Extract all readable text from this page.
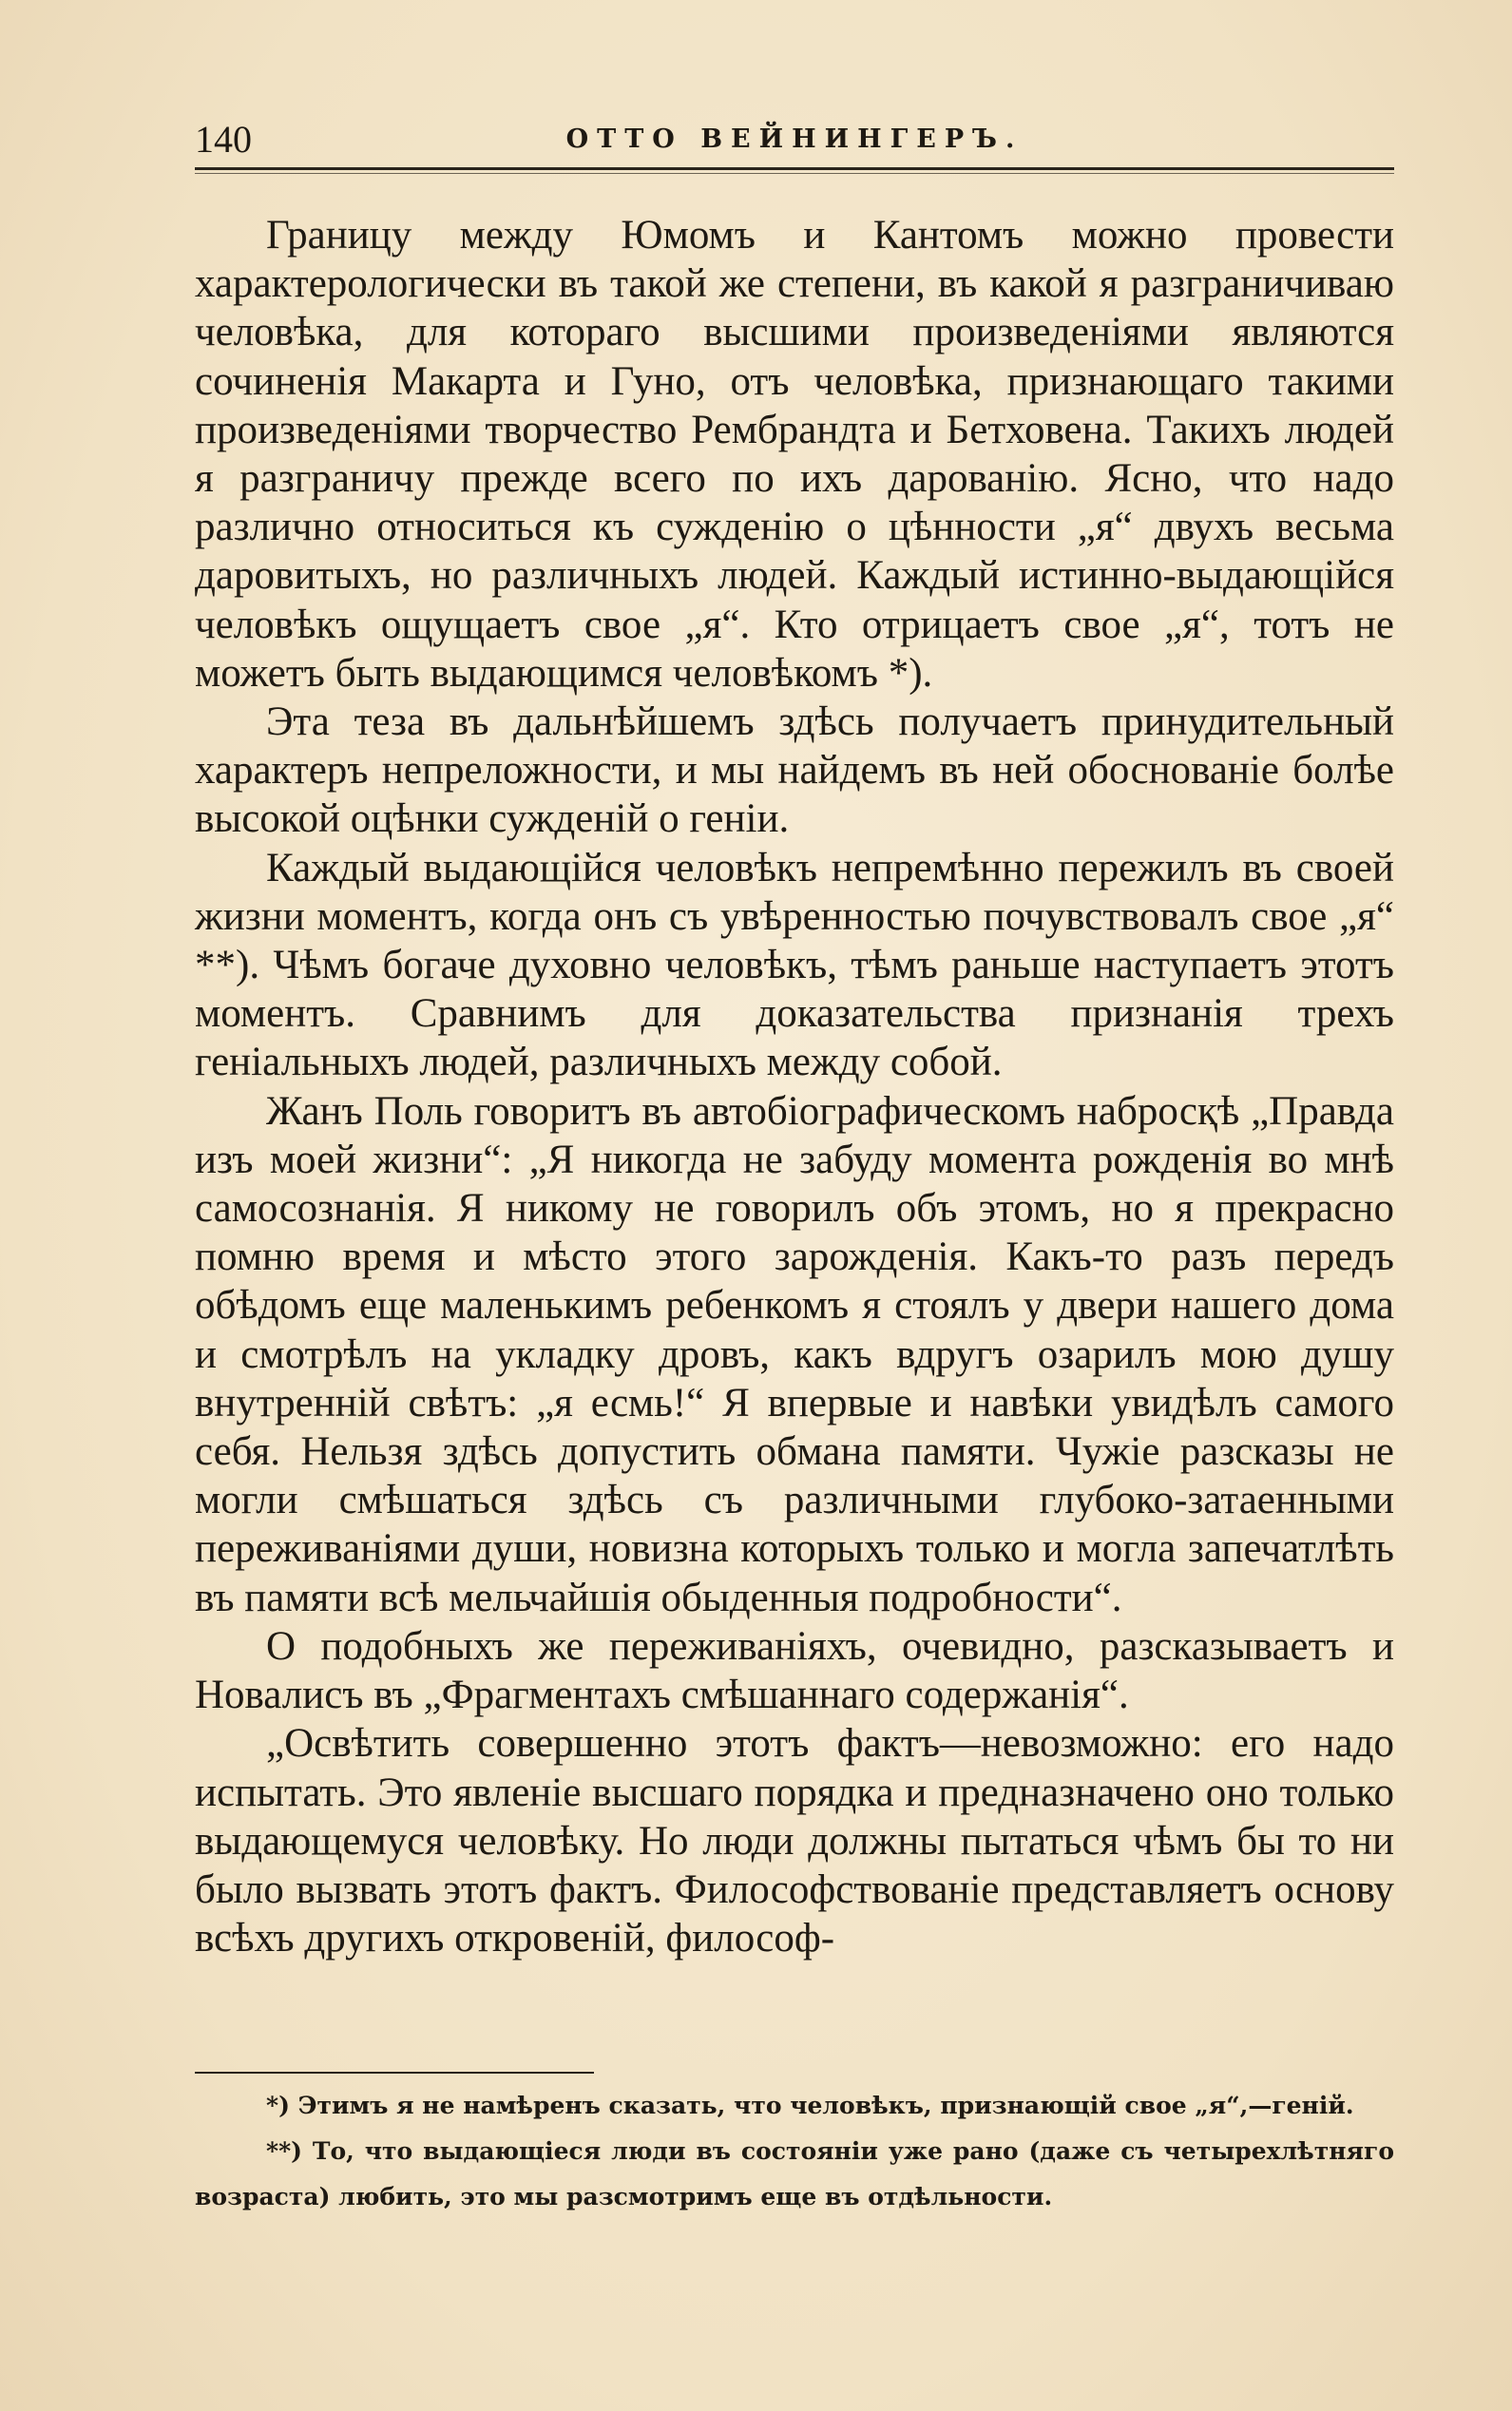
140	ОТТО ВЕЙНИНГЕРЪ.

Границу между Юмомъ и Кантомъ можно провести характерологически въ такой же степени, въ какой я разграничиваю человѣка, для котораго высшими произведеніями являются сочиненія Макарта и Гуно, отъ человѣка, признающаго такими произведеніями творчество Рембрандта и Бетховена. Такихъ людей я разграничу прежде всего по ихъ дарованію. Ясно, что надо различно относиться къ сужденію о цѣнности „я“ двухъ весьма даровитыхъ, но различныхъ людей. Каждый истинно-выдающійся человѣкъ ощущаетъ свое „я“. Кто отрицаетъ свое „я“, тотъ не можетъ быть выдающимся человѣкомъ *).

Эта теза въ дальнѣйшемъ здѣсь получаетъ принудительный характеръ непреложности, и мы найдемъ въ ней обоснованіе болѣе высокой оцѣнки сужденій о геніи.

Каждый выдающійся человѣкъ непремѣнно пережилъ въ своей жизни моментъ, когда онъ съ увѣренностью почувствовалъ свое „я“ **). Чѣмъ богаче духовно человѣкъ, тѣмъ раньше наступаетъ этотъ моментъ. Сравнимъ для доказательства признанія трехъ геніальныхъ людей, различныхъ между собой.

Жанъ Поль говоритъ въ автобіографическомъ набросқѣ „Правда изъ моей жизни“: „Я никогда не забуду момента рожденія во мнѣ самосознанія. Я никому не говорилъ объ этомъ, но я прекрасно помню время и мѣсто этого зарожденія. Какъ-то разъ передъ обѣдомъ еще маленькимъ ребенкомъ я стоялъ у двери нашего дома и смотрѣлъ на укладку дровъ, какъ вдругъ озарилъ мою душу внутренній свѣтъ: „я есмь!“ Я впервые и навѣки увидѣлъ самого себя. Нельзя здѣсь допустить обмана памяти. Чужіе разсказы не могли смѣшаться здѣсь съ различными глубоко-затаенными переживаніями души, новизна которыхъ только и могла запечатлѣть въ памяти всѣ мельчайшія обыденныя подробности“.

О подобныхъ же переживаніяхъ, очевидно, разсказываетъ и Новалисъ въ „Фрагментахъ смѣшаннаго содержанія“.

„Освѣтить совершенно этотъ фактъ—невозможно: его надо испытать. Это явленіе высшаго порядка и предназначено оно только выдающемуся человѣку. Но люди должны пытаться чѣмъ бы то ни было вызвать этотъ фактъ. Философствованіе представляетъ основу всѣхъ другихъ откровеній, философ-

*) Этимъ я не намѣренъ сказать, что человѣкъ, признающій свое „я“,—геній.

**) То, что выдающіеся люди въ состояніи уже рано (даже съ четырехлѣтняго возраста) любить, это мы разсмотримъ еще въ отдѣльности.
